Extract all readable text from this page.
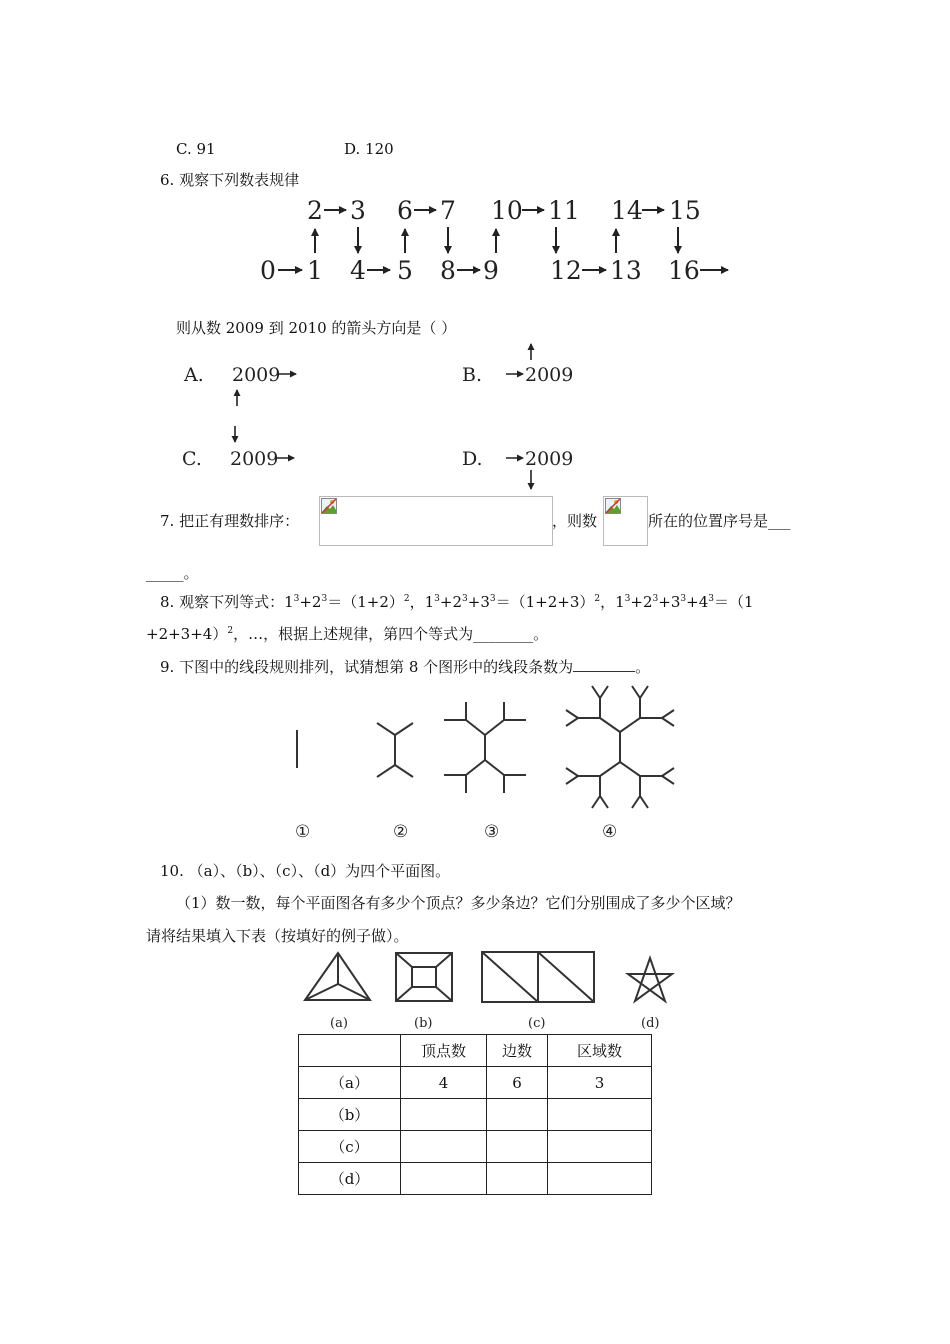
C. 91	D. 120
6. 观察下列数表规律
2 3 6 7 10 11 14 15
0 1 4 5 8 9 12 13 16
则从数 2009 到 2010 的箭头方向是（ ）
A. 2009	B. 2009
C. 2009	D. 2009
7. 把正有理数排序：	，则数	所在的位置序号是___
_____。
8. 观察下列等式：$1^3+2^3=(1+2)^2$，$1^3+2^3+3^3=(1+2+3)^2$，$1^3+2^3+3^3+4^3=(1$
+2+3+4）$^2$，…，根据上述规律，第四个等式为________。
9. 下图中的线段规则排列，试猜想第 8 个图形中的线段条数为	。
①	②	③	④
10. （a）、（b）、（c）、（d）为四个平面图。
（1）数一数，每个平面图各有多少个顶点？多少条边？它们分别围成了多少个区域？
请将结果填入下表（按填好的例子做）。
(a)	(b)	(c)	(d)
	顶点数	边数	区域数
（a）	4	6	3
（b）			
（c）			
（d）			
